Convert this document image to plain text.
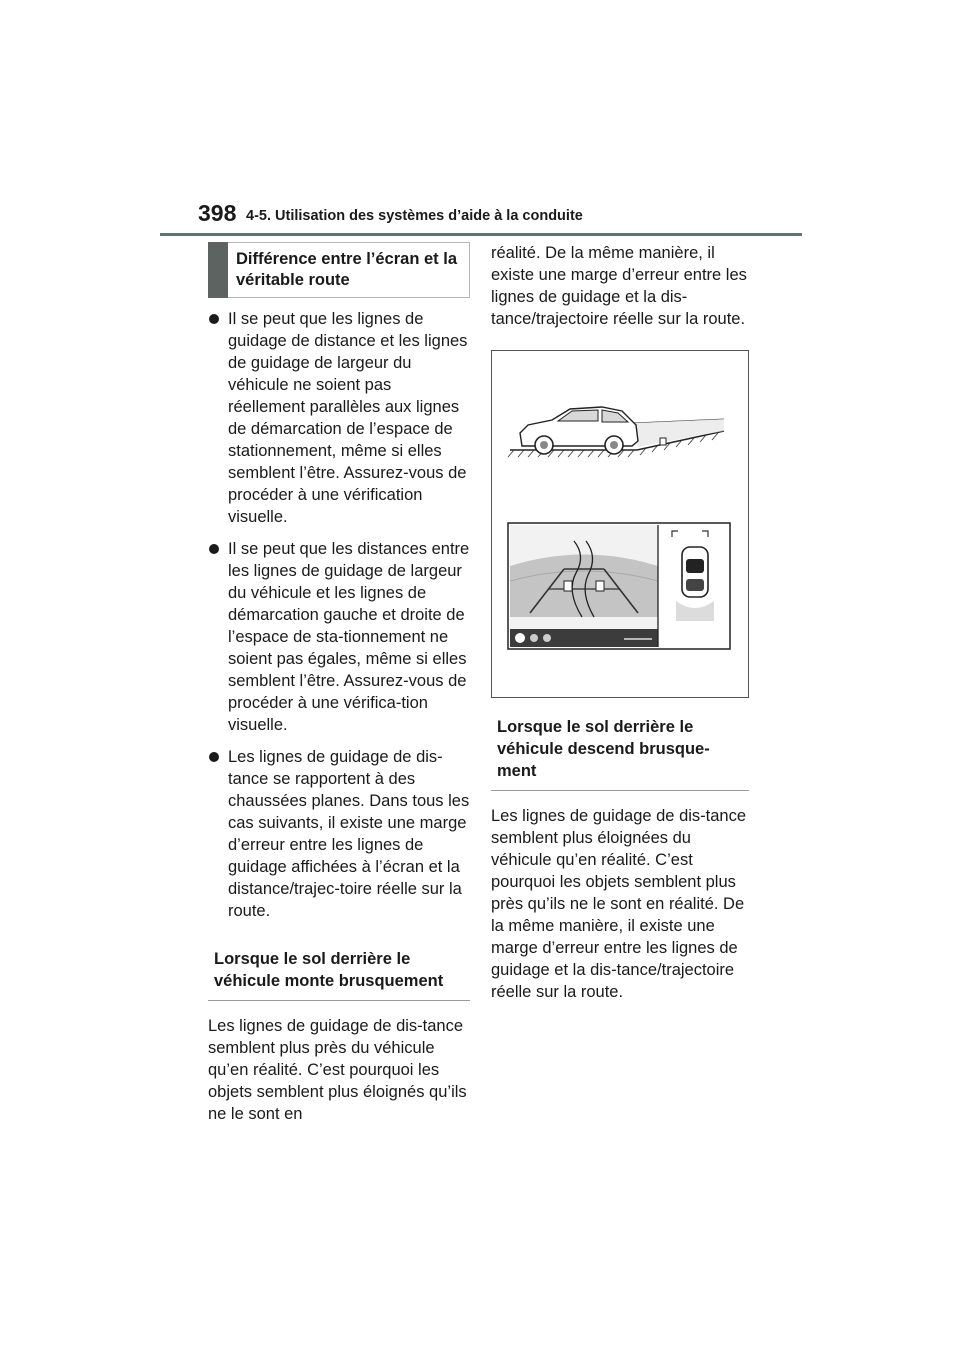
398 4-5. Utilisation des systèmes d’aide à la conduite
Différence entre l’écran et la véritable route
Il se peut que les lignes de guidage de distance et les lignes de guidage de largeur du véhicule ne soient pas réellement parallèles aux lignes de démarcation de l’espace de stationnement, même si elles semblent l’être. Assurez-vous de procéder à une vérification visuelle.
Il se peut que les distances entre les lignes de guidage de largeur du véhicule et les lignes de démarcation gauche et droite de l’espace de sta-tionnement ne soient pas égales, même si elles semblent l’être. Assurez-vous de procéder à une vérifica-tion visuelle.
Les lignes de guidage de dis-tance se rapportent à des chaussées planes. Dans tous les cas suivants, il existe une marge d’erreur entre les lignes de guidage affichées à l’écran et la distance/trajec-toire réelle sur la route.
Lorsque le sol derrière le véhicule monte brusquement

Les lignes de guidage de dis-tance semblent plus près du véhicule qu’en réalité. C’est pourquoi les objets semblent plus éloignés qu’ils ne le sont en

réalité. De la même manière, il existe une marge d’erreur entre les lignes de guidage et la dis-tance/trajectoire réelle sur la route.

Lorsque le sol derrière le véhicule descend brusque-ment

Les lignes de guidage de dis-tance semblent plus éloignées du véhicule qu’en réalité. C’est pourquoi les objets semblent plus près qu’ils ne le sont en réalité. De la même manière, il existe une marge d’erreur entre les lignes de guidage et la dis-tance/trajectoire réelle sur la route.
